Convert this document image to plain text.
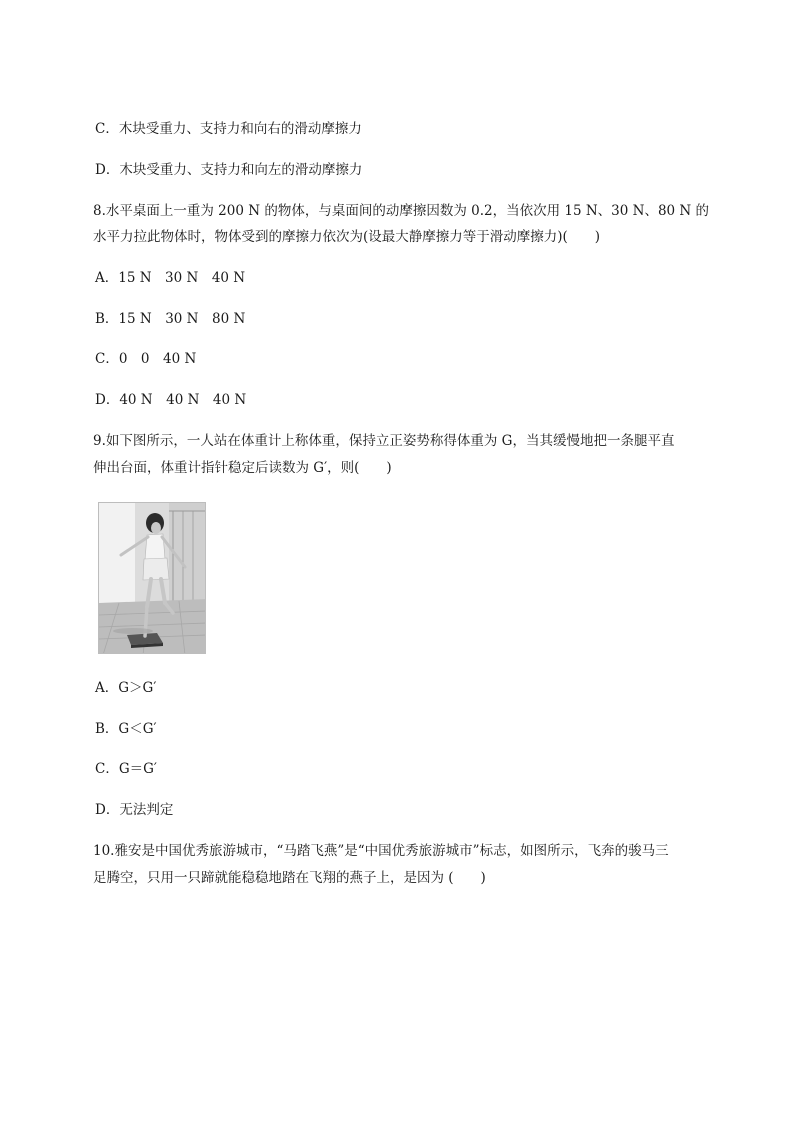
C．木块受重力、支持力和向右的滑动摩擦力

D．木块受重力、支持力和向左的滑动摩擦力

8.水平桌面上一重为 200 N 的物体，与桌面间的动摩擦因数为 0.2，当依次用 15 N、30 N、80 N 的

水平力拉此物体时，物体受到的摩擦力依次为(设最大静摩擦力等于滑动摩擦力)(　　)

A．15 N　30 N　40 N

B．15 N　30 N　80 N

C．0　0　40 N

D．40 N　40 N　40 N

9.如下图所示，一人站在体重计上称体重，保持立正姿势称得体重为 G，当其缓慢地把一条腿平直

伸出台面，体重计指针稳定后读数为 G′，则(　　)

A．G＞G′

B．G＜G′

C．G＝G′

D．无法判定

10.雅安是中国优秀旅游城市，“马踏飞燕”是“中国优秀旅游城市”标志，如图所示，飞奔的骏马三

足腾空，只用一只蹄就能稳稳地踏在飞翔的燕子上，是因为 (　　)
